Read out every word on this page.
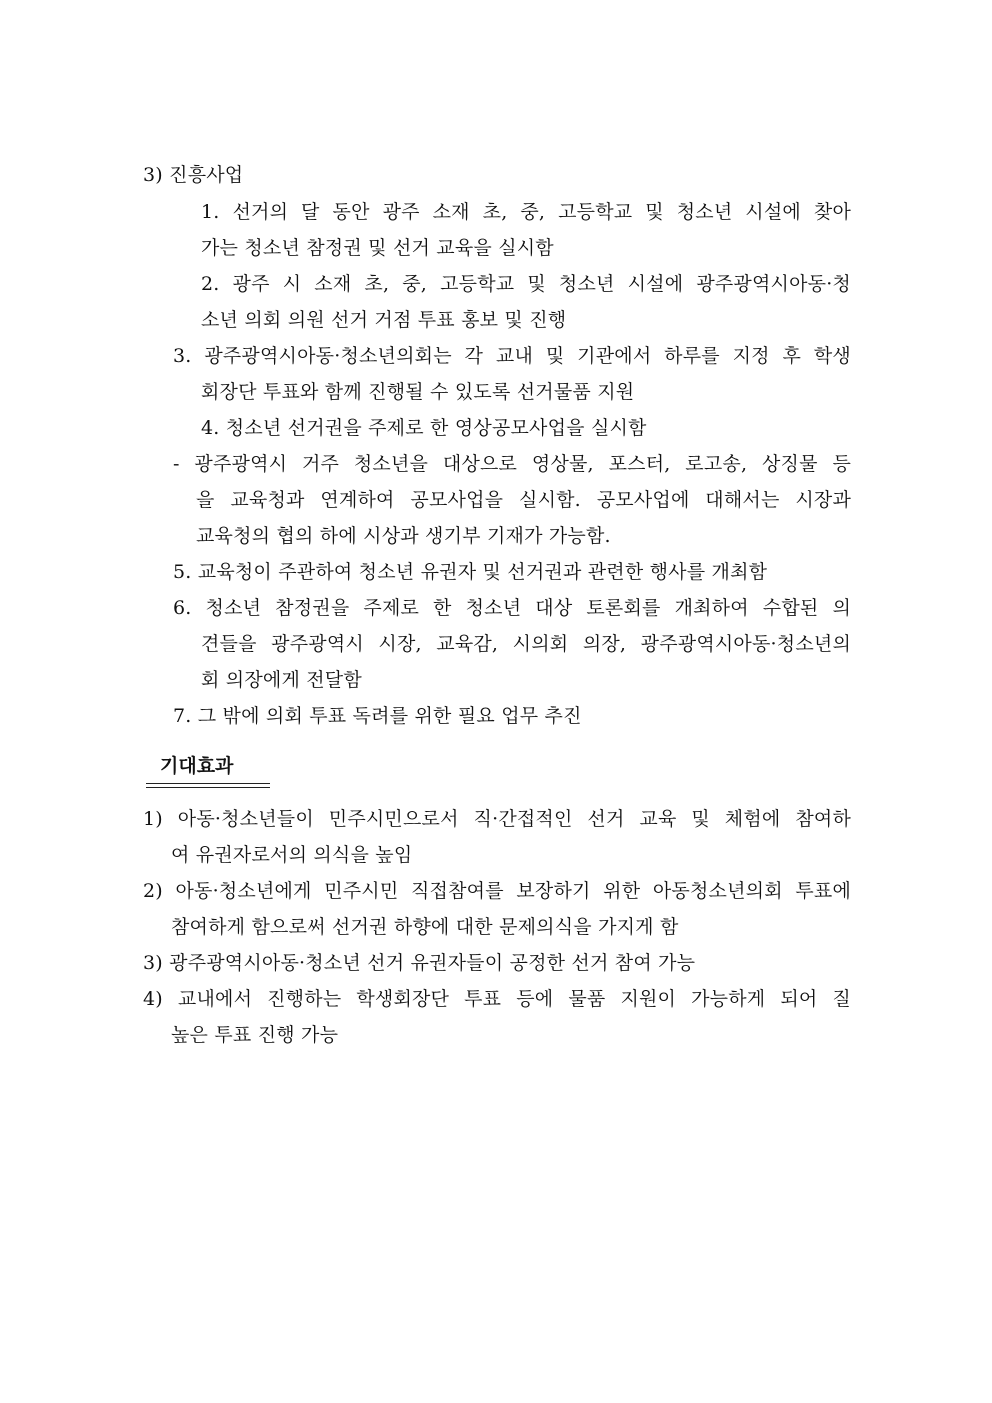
3) 진흥사업
1. 선거의 달 동안 광주 소재 초, 중, 고등학교 및 청소년 시설에 찾아
가는 청소년 참정권 및 선거 교육을 실시함
2. 광주 시 소재 초, 중, 고등학교 및 청소년 시설에 광주광역시아동·청
소년 의회 의원 선거 거점 투표 홍보 및 진행
3. 광주광역시아동·청소년의회는 각 교내 및 기관에서 하루를 지정 후 학생
회장단 투표와 함께 진행될 수 있도록 선거물품 지원
4. 청소년 선거권을 주제로 한 영상공모사업을 실시함
- 광주광역시 거주 청소년을 대상으로 영상물, 포스터, 로고송, 상징물 등
을 교육청과 연계하여 공모사업을 실시함. 공모사업에 대해서는 시장과
교육청의 협의 하에 시상과 생기부 기재가 가능함.
5. 교육청이 주관하여 청소년 유권자 및 선거권과 관련한 행사를 개최함
6. 청소년 참정권을 주제로 한 청소년 대상 토론회를 개최하여 수합된 의
견들을 광주광역시 시장, 교육감, 시의회 의장, 광주광역시아동·청소년의
회 의장에게 전달함
7. 그 밖에 의회 투표 독려를 위한 필요 업무 추진
기대효과
1) 아동·청소년들이 민주시민으로서 직·간접적인 선거 교육 및 체험에 참여하
여 유권자로서의 의식을 높임
2) 아동·청소년에게 민주시민 직접참여를 보장하기 위한 아동청소년의회 투표에
참여하게 함으로써 선거권 하향에 대한 문제의식을 가지게 함
3) 광주광역시아동·청소년 선거 유권자들이 공정한 선거 참여 가능
4) 교내에서 진행하는 학생회장단 투표 등에 물품 지원이 가능하게 되어 질
높은 투표 진행 가능
